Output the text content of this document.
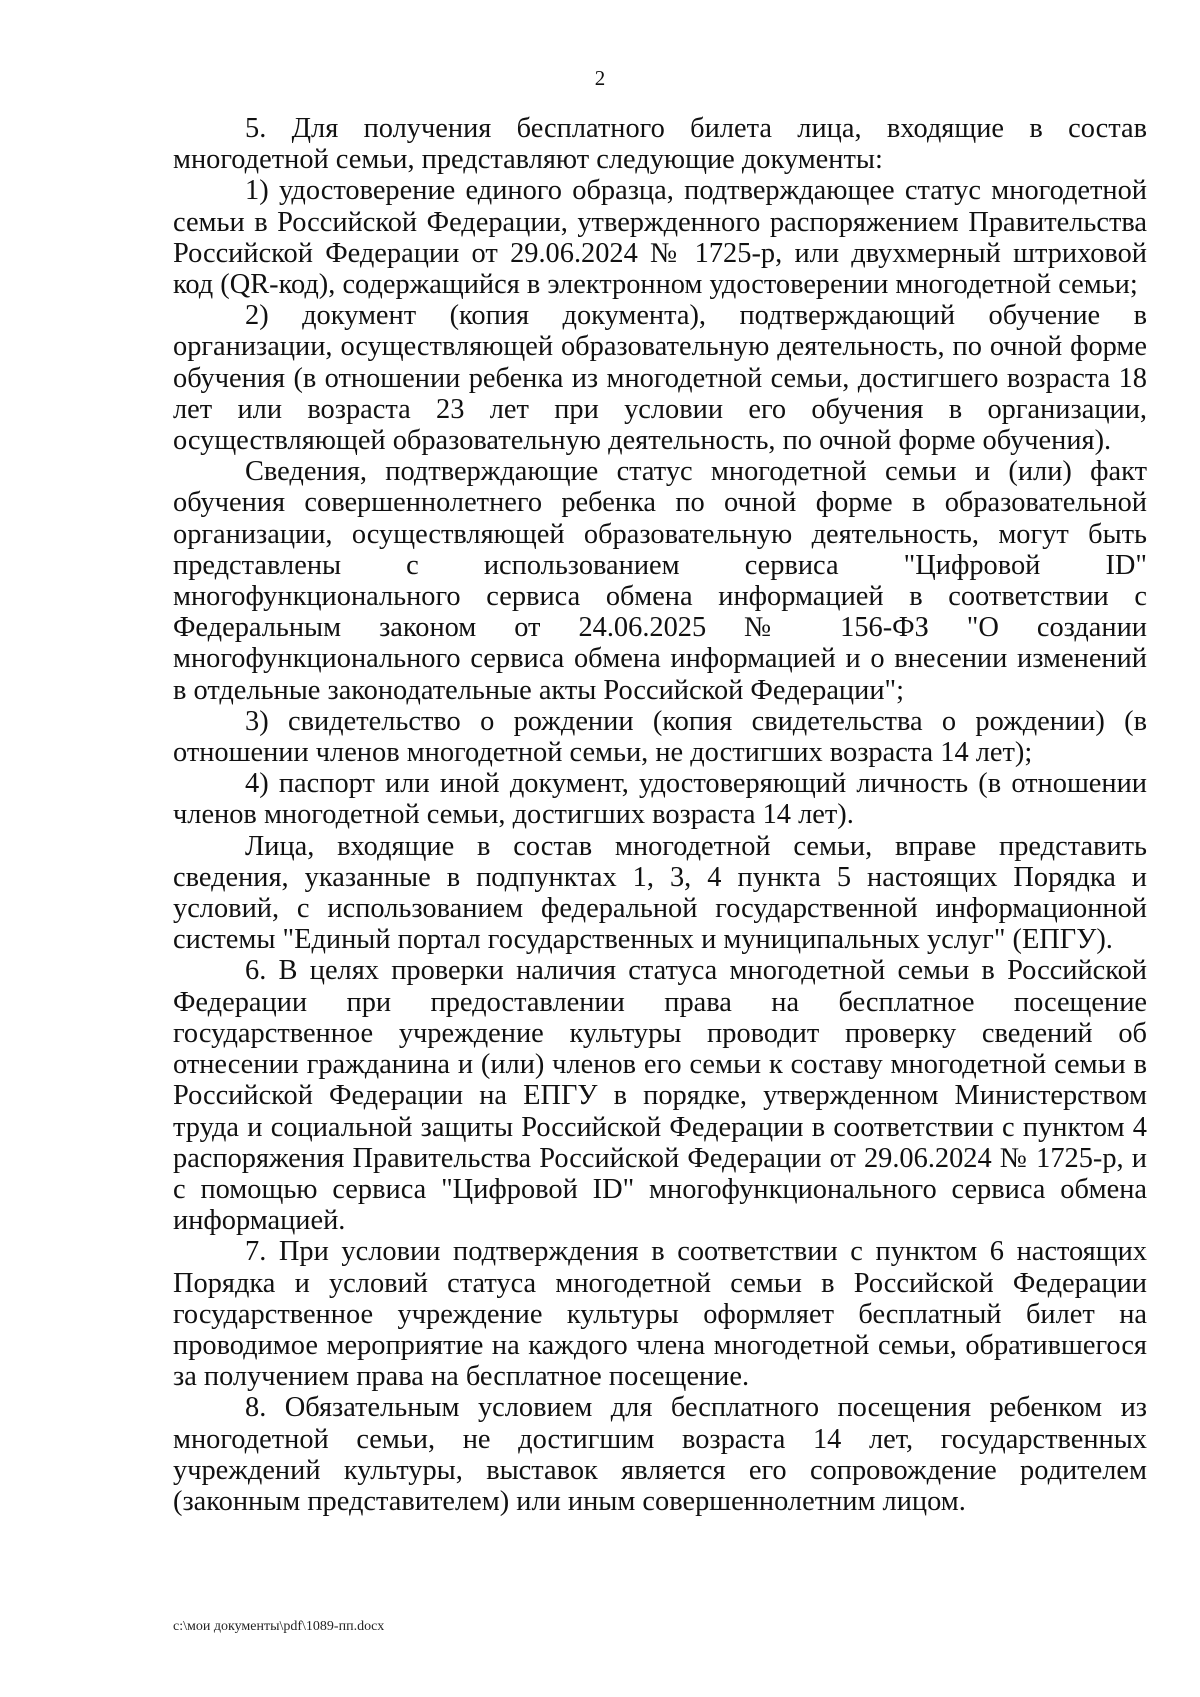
2

5. Для получения бесплатного билета лица, входящие в состав многодетной семьи, представляют следующие документы:

1) удостоверение единого образца, подтверждающее статус многодетной семьи в Российской Федерации, утвержденного распоряжением Правительства Российской Федерации от 29.06.2024 № 1725-р, или двухмерный штриховой код (QR-код), содержащийся в электронном удостоверении многодетной семьи;

2) документ (копия документа), подтверждающий обучение в организации, осуществляющей образовательную деятельность, по очной форме обучения (в отношении ребенка из многодетной семьи, достигшего возраста 18 лет или возраста 23 лет при условии его обучения в организации, осуществляющей образовательную деятельность, по очной форме обучения).

Сведения, подтверждающие статус многодетной семьи и (или) факт обучения совершеннолетнего ребенка по очной форме в образовательной организации, осуществляющей образовательную деятельность, могут быть представлены с использованием сервиса "Цифровой ID" многофункционального сервиса обмена информацией в соответствии с Федеральным законом от 24.06.2025 № 156-ФЗ "О создании многофункционального сервиса обмена информацией и о внесении изменений в отдельные законодательные акты Российской Федерации";

3) свидетельство о рождении (копия свидетельства о рождении) (в отношении членов многодетной семьи, не достигших возраста 14 лет);

4) паспорт или иной документ, удостоверяющий личность (в отношении членов многодетной семьи, достигших возраста 14 лет).

Лица, входящие в состав многодетной семьи, вправе представить сведения, указанные в подпунктах 1, 3, 4 пункта 5 настоящих Порядка и условий, с использованием федеральной государственной информационной системы "Единый портал государственных и муниципальных услуг" (ЕПГУ).

6. В целях проверки наличия статуса многодетной семьи в Российской Федерации при предоставлении права на бесплатное посещение государственное учреждение культуры проводит проверку сведений об отнесении гражданина и (или) членов его семьи к составу многодетной семьи в Российской Федерации на ЕПГУ в порядке, утвержденном Министерством труда и социальной защиты Российской Федерации в соответствии с пунктом 4 распоряжения Правительства Российской Федерации от 29.06.2024 № 1725-р, и с помощью сервиса "Цифровой ID" многофункционального сервиса обмена информацией.

7. При условии подтверждения в соответствии с пунктом 6 настоящих Порядка и условий статуса многодетной семьи в Российской Федерации государственное учреждение культуры оформляет бесплатный билет на проводимое мероприятие на каждого члена многодетной семьи, обратившегося за получением права на бесплатное посещение.

8. Обязательным условием для бесплатного посещения ребенком из многодетной семьи, не достигшим возраста 14 лет, государственных учреждений культуры, выставок является его сопровождение родителем (законным представителем) или иным совершеннолетним лицом.

c:\мои документы\pdf\1089-пп.docx
